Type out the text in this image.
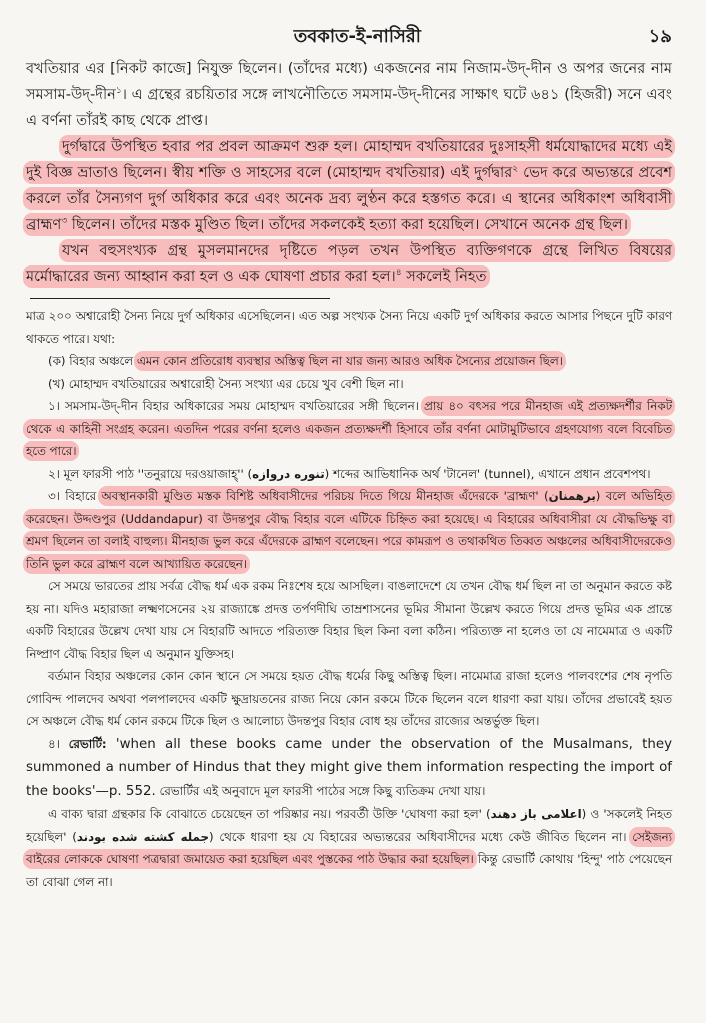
তবকাত-ই-নাসিরী	১৯

বখতিয়ার এর [নিকট কাজে] নিযুক্ত ছিলেন। (তাঁদের মধ্যে) একজনের নাম নিজাম-উদ্-দীন ও অপর জনের নাম সমসাম-উদ্-দীন$^১$। এ গ্রন্থের রচয়িতার সঙ্গে লাখনৌতিতে সমসাম-উদ্-দীনের সাক্ষাৎ ঘটে ৬৪১ (হিজরী) সনে এবং এ বর্ণনা তাঁরই কাছ থেকে প্রাপ্ত।

দুর্গদ্বারে উপস্থিত হবার পর প্রবল আক্রমণ শুরু হল। মোহাম্মদ বখতিয়ারের দুঃসাহসী ধর্মযোদ্ধাদের মধ্যে এই দুই বিজ্ঞ ভ্রাতাও ছিলেন। স্বীয় শক্তি ও সাহসের বলে (মোহাম্মদ বখতিয়ার) এই দুর্গদ্বার$^২$ ভেদ করে অভ্যন্তরে প্রবেশ করলে তাঁর সৈন্যগণ দুর্গ অধিকার করে এবং অনেক দ্রব্য লুণ্ঠন করে হস্তগত করে। এ স্থানের অধিকাংশ অধিবাসী ব্রাহ্মণ$^৩$ ছিলেন। তাঁদের মস্তক মুণ্ডিত ছিল। তাঁদের সকলকেই হত্যা করা হয়েছিল। সেখানে অনেক গ্রন্থ ছিল।

যখন বহুসংখ্যক গ্রন্থ মুসলমানদের দৃষ্টিতে পড়ল তখন উপস্থিত ব্যক্তিগণকে গ্রন্থে লিখিত বিষয়ের মর্মোদ্ধারের জন্য আহ্বান করা হল ও এক ঘোষণা প্রচার করা হল।$^৪$ সকলেই নিহত

মাত্র ২০০ অশ্বারোহী সৈন্য নিয়ে দুর্গ অধিকার এসেছিলেন। এত অল্প সংখ্যক সৈন্য নিয়ে একটি দুর্গ অধিকার করতে আসার পিছনে দুটি কারণ থাকতে পারে। যথা:

(ক) বিহার অঞ্চলে এমন কোন প্রতিরোধ ব্যবস্থার অস্তিত্ব ছিল না যার জন্য আরও অধিক সৈন্যের প্রয়োজন ছিল।

(খ) মোহাম্মদ বখতিয়ারের অশ্বারোহী সৈন্য সংখ্যা এর চেয়ে খুব বেশী ছিল না।

১। সমসাম-উদ্-দীন বিহার অধিকারের সময় মোহাম্মদ বখতিয়ারের সঙ্গী ছিলেন। প্রায় ৪০ বৎসর পরে মীনহাজ এই প্রত্যক্ষদর্শীর নিকট থেকে এ কাহিনী সংগ্রহ করেন। এতদিন পরের বর্ণনা হলেও একজন প্রত্যক্ষদর্শী হিসাবে তাঁর বর্ণনা মোটামুটিভাবে গ্রহণযোগ্য বলে বিবেচিত হতে পারে।

২। মূল ফারসী পাঠ ''তনুরায়ে দরওয়াজাহ্'' (تنوره دروازه) শব্দের আভিধানিক অর্থ 'টানেল' (tunnel), এখানে প্রধান প্রবেশপথ।

৩। বিহারে অবস্থানকারী মুণ্ডিত মস্তক বিশিষ্ট অধিবাসীদের পরিচয় দিতে গিয়ে মীনহাজ এঁদেরকে 'ব্রাহ্মণ' (برهمنان) বলে অভিহিত করেছেন। উদ্দণ্ডপুর (Uddandapur) বা উদন্তপুর বৌদ্ধ বিহার বলে এটিকে চিহ্নিত করা হয়েছে। এ বিহারের অধিবাসীরা যে বৌদ্ধভিক্ষু বা শ্রমণ ছিলেন তা বলাই বাহুল্য। মীনহাজ ভুল করে এঁদেরকে ব্রাহ্মণ বলেছেন। পরে কামরূপ ও তথাকথিত তিব্বত অঞ্চলের অধিবাসীদেরকেও তিনি ভুল করে ব্রাহ্মণ বলে আখ্যায়িত করেছেন।

সে সময়ে ভারতের প্রায় সর্বত্র বৌদ্ধ ধর্ম এক রকম নিঃশেষ হয়ে আসছিল। বাঙলাদেশে যে তখন বৌদ্ধ ধর্ম ছিল না তা অনুমান করতে কষ্ট হয় না। যদিও মহারাজা লক্ষ্মণসেনের ২য় রাজ্যাঙ্কে প্রদত্ত তর্পণদীঘি তাম্রশাসনের ভূমির সীমানা উল্লেখ করতে গিয়ে প্রদত্ত ভূমির এক প্রান্তে একটি বিহারের উল্লেখ দেখা যায় সে বিহারটি আদতে পরিত্যক্ত বিহার ছিল কিনা বলা কঠিন। পরিত্যক্ত না হলেও তা যে নামেমাত্র ও একটি নিষ্প্রাণ বৌদ্ধ বিহার ছিল এ অনুমান যুক্তিসহ।

বর্তমান বিহার অঞ্চলের কোন কোন স্থানে সে সময়ে হয়ত বৌদ্ধ ধর্মের কিছু অস্তিত্ব ছিল। নামেমাত্র রাজা হলেও পালবংশের শেষ নৃপতি গোবিন্দ পালদেব অথবা পলপালদেব একটি ক্ষুদ্রায়তনের রাজ্য নিয়ে কোন রকমে টিকে ছিলেন বলে ধারণা করা যায়। তাঁদের প্রভাবেই হয়ত সে অঞ্চলে বৌদ্ধ ধর্ম কোন রকমে টিকে ছিল ও আলোচ্য উদন্তপুর বিহার বোধ হয় তাঁদের রাজ্যের অন্তর্ভুক্ত ছিল।

৪। রেভার্টি: 'when all these books came under the observation of the Musalmans, they summoned a number of Hindus that they might give them information respecting the import of the books'—p. 552. রেভার্টির এই অনুবাদে মূল ফারসী পাঠের সঙ্গে কিছু ব্যতিক্রম দেখা যায়।

এ বাক্য দ্বারা গ্রন্থকার কি বোঝাতে চেয়েছেন তা পরিষ্কার নয়। পরবর্তী উক্তি 'ঘোষণা করা হল' (اعلامی باز دهند) ও 'সকলেই নিহত হয়েছিল' (جمله کشته شده بودند) থেকে ধারণা হয় যে বিহারের অভ্যন্তরের অধিবাসীদের মধ্যে কেউ জীবিত ছিলেন না। সেইজন্য বাইরের লোককে ঘোষণা পত্রদ্বারা জমায়েত করা হয়েছিল এবং পুস্তকের পাঠ উদ্ধার করা হয়েছিল। কিন্তু রেভার্টি কোথায় 'হিন্দু' পাঠ পেয়েছেন তা বোঝা গেল না।
